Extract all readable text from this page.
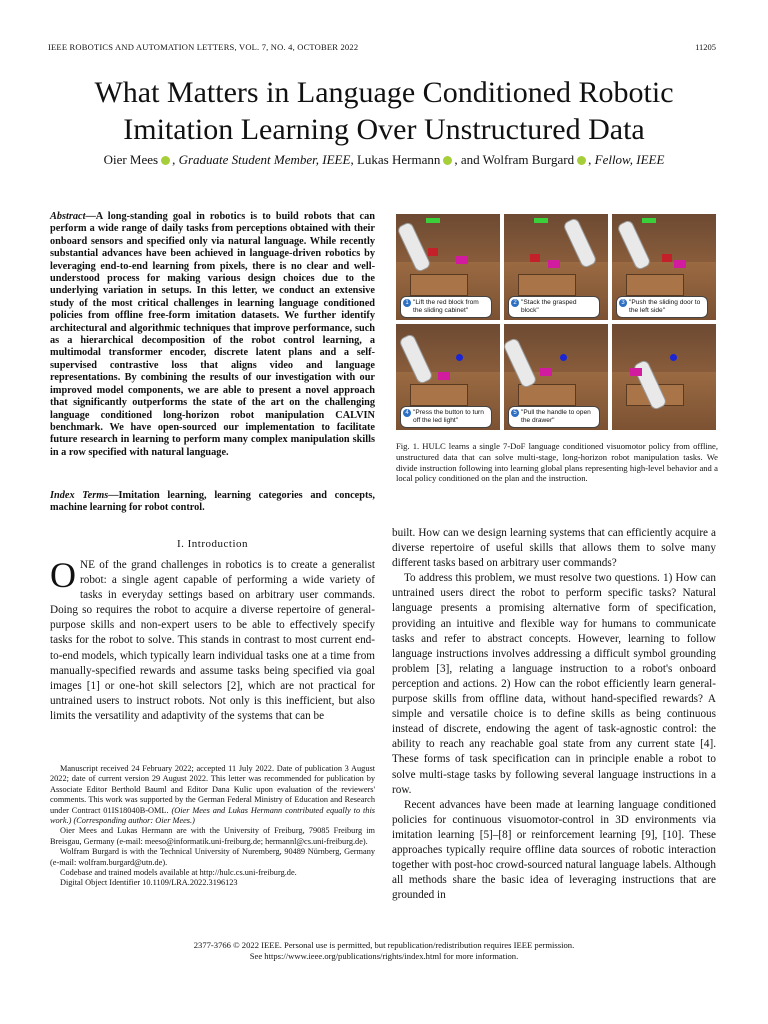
IEEE ROBOTICS AND AUTOMATION LETTERS, VOL. 7, NO. 4, OCTOBER 2022	11205
What Matters in Language Conditioned Robotic
Imitation Learning Over Unstructured Data
Oier Mees , Graduate Student Member, IEEE, Lukas Hermann , and Wolfram Burgard , Fellow, IEEE
Abstract—A long-standing goal in robotics is to build robots that can perform a wide range of daily tasks from perceptions obtained with their onboard sensors and specified only via natural language. While recently substantial advances have been achieved in language-driven robotics by leveraging end-to-end learning from pixels, there is no clear and well-understood process for making various design choices due to the underlying variation in setups. In this letter, we conduct an extensive study of the most critical challenges in learning language conditioned policies from offline free-form imitation datasets. We further identify architectural and algorithmic techniques that improve performance, such as a hierarchical decomposition of the robot control learning, a multimodal transformer encoder, discrete latent plans and a self-supervised contrastive loss that aligns video and language representations. By combining the results of our investigation with our improved model components, we are able to present a novel approach that significantly outperforms the state of the art on the challenging language conditioned long-horizon robot manipulation CALVIN benchmark. We have open-sourced our implementation to facilitate future research in learning to perform many complex manipulation skills in a row specified with natural language.
Index Terms—Imitation learning, learning categories and concepts, machine learning for robot control.
I. Introduction
ONE of the grand challenges in robotics is to create a generalist robot: a single agent capable of performing a wide variety of tasks in everyday settings based on arbitrary user commands. Doing so requires the robot to acquire a diverse repertoire of general-purpose skills and non-expert users to be able to effectively specify tasks for the robot to solve. This stands in contrast to most current end-to-end models, which typically learn individual tasks one at a time from manually-specified rewards and assume tasks being specified via goal images [1] or one-hot skill selectors [2], which are not practical for untrained users to instruct robots. Not only is this inefficient, but also limits the versatility and adaptivity of the systems that can be

Manuscript received 24 February 2022; accepted 11 July 2022. Date of publication 3 August 2022; date of current version 29 August 2022. This letter was recommended for publication by Associate Editor Berthold Bauml and Editor Dana Kulic upon evaluation of the reviewers' comments. This work was supported by the German Federal Ministry of Education and Research under Contract 01IS18040B-OML. (Oier Mees and Lukas Hermann contributed equally to this work.) (Corresponding author: Oier Mees.)

Oier Mees and Lukas Hermann are with the University of Freiburg, 79085 Freiburg im Breisgau, Germany (e-mail: meeso@informatik.uni-freiburg.de; hermannl@cs.uni-freiburg.de).

Wolfram Burgard is with the Technical University of Nuremberg, 90489 Nürnberg, Germany (e-mail: wolfram.burgard@utn.de).

Codebase and trained models available at http://hulc.cs.uni-freiburg.de.

Digital Object Identifier 10.1109/LRA.2022.3196123

1 "Lift the red block from the sliding cabinet"
2 "Stack the grasped block"
3 "Push the sliding door to the left side"
4 "Press the button to turn off the led light"
5 "Pull the handle to open the drawer"
Fig. 1. HULC learns a single 7-DoF language conditioned visuomotor policy from offline, unstructured data that can solve multi-stage, long-horizon robot manipulation tasks. We divide instruction following into learning global plans representing high-level behavior and a local policy conditioned on the plan and the instruction.

built. How can we design learning systems that can efficiently acquire a diverse repertoire of useful skills that allows them to solve many different tasks based on arbitrary user commands?

To address this problem, we must resolve two questions. 1) How can untrained users direct the robot to perform specific tasks? Natural language presents a promising alternative form of specification, providing an intuitive and flexible way for humans to communicate tasks and refer to abstract concepts. However, learning to follow language instructions involves addressing a difficult symbol grounding problem [3], relating a language instruction to a robot's onboard perception and actions. 2) How can the robot efficiently learn general-purpose skills from offline data, without hand-specified rewards? A simple and versatile choice is to define skills as being continuous instead of discrete, endowing the agent of task-agnostic control: the ability to reach any reachable goal state from any current state [4]. These forms of task specification can in principle enable a robot to solve multi-stage tasks by following several language instructions in a row.

Recent advances have been made at learning language conditioned policies for continuous visuomotor-control in 3D environments via imitation learning [5]–[8] or reinforcement learning [9], [10]. These approaches typically require offline data sources of robotic interaction together with post-hoc crowd-sourced natural language labels. Although all methods share the basic idea of leveraging instructions that are grounded in

2377-3766 © 2022 IEEE. Personal use is permitted, but republication/redistribution requires IEEE permission.
See https://www.ieee.org/publications/rights/index.html for more information.
